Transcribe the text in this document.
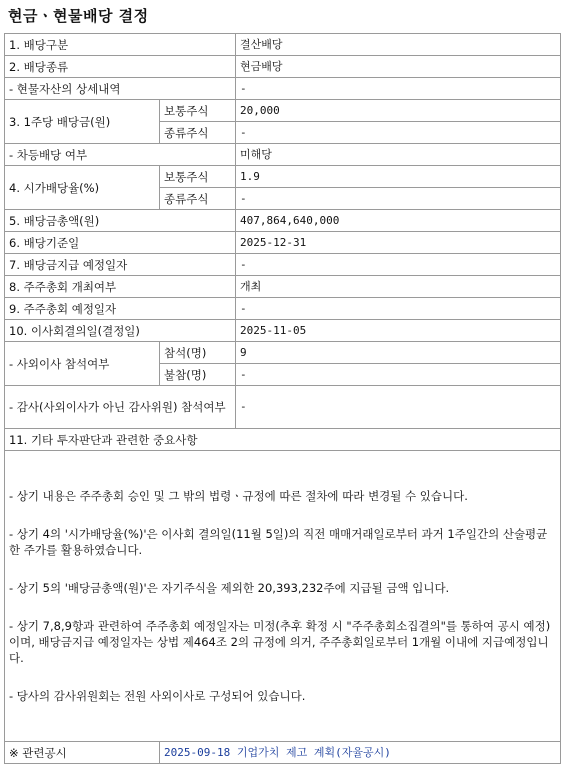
현금ㆍ현물배당 결정
1. 배당구분		결산배당
2. 배당종류		현금배당
- 현물자산의 상세내역		-
3. 1주당 배당금(원)	보통주식	20,000
	종류주식	-
- 차등배당 여부		미해당
4. 시가배당율(%)	보통주식	1.9
	종류주식	-
5. 배당금총액(원)		407,864,640,000
6. 배당기준일		2025-12-31
7. 배당금지급 예정일자		-
8. 주주총회 개최여부		개최
9. 주주총회 예정일자		-
10. 이사회결의일(결정일)		2025-11-05
- 사외이사 참석여부	참석(명)	9
	불참(명)	-
- 감사(사외이사가 아닌 감사위원) 참석여부		-
11. 기타 투자판단과 관련한 중요사항		

- 상기 내용은 주주총회 승인 및 그 밖의 법령ㆍ규정에 따른 절차에 따라 변경될 수 있습니다.
- 상기 4의 '시가배당율(%)'은 이사회 결의일(11월 5일)의 직전 매매거래일로부터 과거 1주일간의 산술평균한 주가를 활용하였습니다.
- 상기 5의 '배당금총액(원)'은 자기주식을 제외한 20,393,232주에 지급될 금액 입니다.
- 상기 7,8,9항과 관련하여 주주총회 예정일자는 미정(추후 확정 시 "주주총회소집결의"를 통하여 공시 예정)이며, 배당금지급 예정일자는 상법 제464조 2의 규정에 의거, 주주총회일로부터 1개월 이내에 지급예정입니다.
- 당사의 감사위원회는 전원 사외이사로 구성되어 있습니다.		

※ 관련공시	2025-09-18 기업가치 제고 계획(자율공시)	
